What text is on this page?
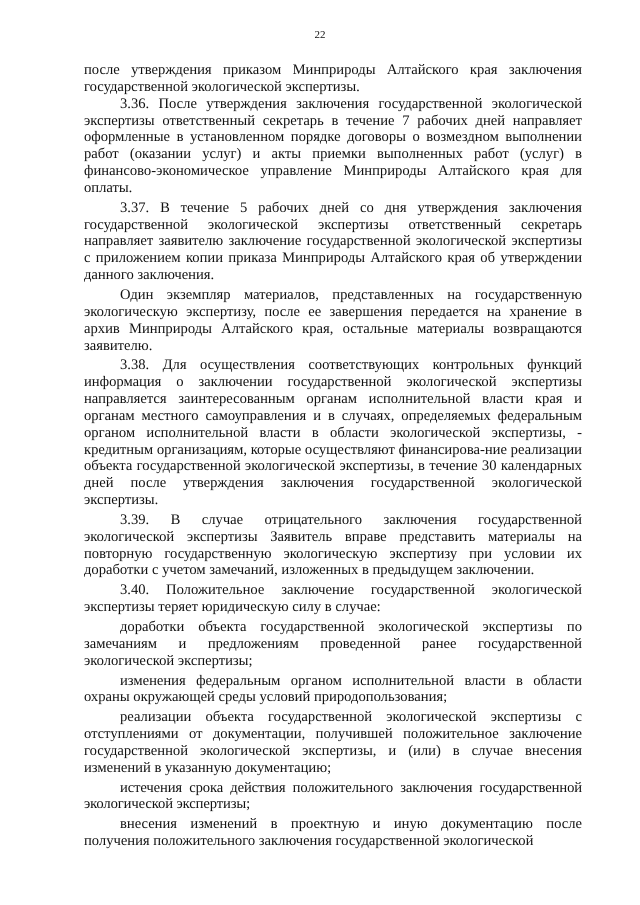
22

после утверждения приказом Минприроды Алтайского края заключения государственной экологической экспертизы.

3.36. После утверждения заключения государственной экологической экспертизы ответственный секретарь в течение 7 рабочих дней направляет оформленные в установленном порядке договоры о возмездном выполнении работ (оказании услуг) и акты приемки выполненных работ (услуг) в финансово-экономическое управление Минприроды Алтайского края для оплаты.

3.37. В течение 5 рабочих дней со дня утверждения заключения государственной экологической экспертизы ответственный секретарь направляет заявителю заключение государственной экологической экспертизы с приложением копии приказа Минприроды Алтайского края об утверждении данного заключения.

Один экземпляр материалов, представленных на государственную экологическую экспертизу, после ее завершения передается на хранение в архив Минприроды Алтайского края, остальные материалы возвращаются заявителю.

3.38. Для осуществления соответствующих контрольных функций информация о заключении государственной экологической экспертизы направляется заинтересованным органам исполнительной власти края и органам местного самоуправления и в случаях, определяемых федеральным органом исполнительной власти в области экологической экспертизы, - кредитным организациям, которые осуществляют финансирова-ние реализации объекта государственной экологической экспертизы, в течение 30 календарных дней после утверждения заключения государственной экологической экспертизы.

3.39. В случае отрицательного заключения государственной экологической экспертизы Заявитель вправе представить материалы на повторную государственную экологическую экспертизу при условии их доработки с учетом замечаний, изложенных в предыдущем заключении.

3.40. Положительное заключение государственной экологической экспертизы теряет юридическую силу в случае:

доработки объекта государственной экологической экспертизы по замечаниям и предложениям проведенной ранее государственной экологической экспертизы;

изменения федеральным органом исполнительной власти в области охраны окружающей среды условий природопользования;

реализации объекта государственной экологической экспертизы с отступлениями от документации, получившей положительное заключение государственной экологической экспертизы, и (или) в случае внесения изменений в указанную документацию;

истечения срока действия положительного заключения государственной экологической экспертизы;

внесения изменений в проектную и иную документацию после получения положительного заключения государственной экологической
